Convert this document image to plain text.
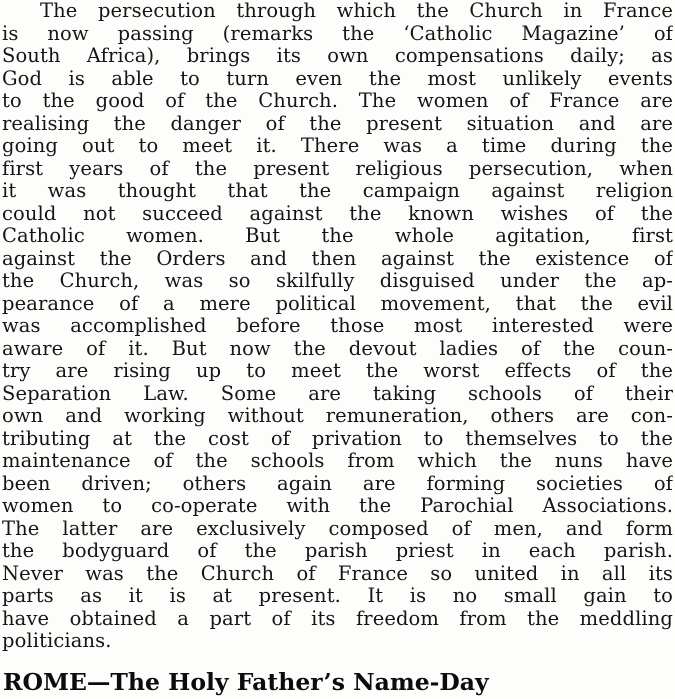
The persecution through which the Church in France
is now passing (remarks the ‘Catholic Magazine’ of
South Africa), brings its own compensations daily; as
God is able to turn even the most unlikely events
to the good of the Church. The women of France are
realising the danger of the present situation and are
going out to meet it. There was a time during the
first years of the present religious persecution, when
it was thought that the campaign against religion
could not succeed against the known wishes of the
Catholic women. But the whole agitation, first
against the Orders and then against the existence of
the Church, was so skilfully disguised under the ap-
pearance of a mere political movement, that the evil
was accomplished before those most interested were
aware of it. But now the devout ladies of the coun-
try are rising up to meet the worst effects of the
Separation Law. Some are taking schools of their
own and working without remuneration, others are con-
tributing at the cost of privation to themselves to the
maintenance of the schools from which the nuns have
been driven; others again are forming societies of
women to co-operate with the Parochial Associations.
The latter are exclusively composed of men, and form
the bodyguard of the parish priest in each parish.
Never was the Church of France so united in all its
parts as it is at present. It is no small gain to
have obtained a part of its freedom from the meddling
politicians.
ROME—The Holy Father’s Name-Day
